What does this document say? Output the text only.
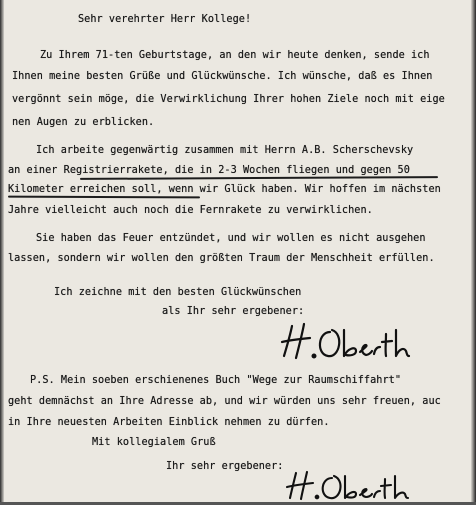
Sehr verehrter Herr Kollege!
Zu Ihrem 71-ten Geburtstage, an den wir heute denken, sende ich
Ihnen meine besten Grüße und Glückwünsche. Ich wünsche, daß es Ihnen
vergönnt sein möge, die Verwirklichung Ihrer hohen Ziele noch mit eige
nen Augen zu erblicken.
Ich arbeite gegenwärtig zusammen mit Herrn A.B. Scherschevsky
an einer Registrierrakete, die in 2-3 Wochen fliegen und gegen 50
Kilometer erreichen soll, wenn wir Glück haben. Wir hoffen im nächsten
Jahre vielleicht auch noch die Fernrakete zu verwirklichen.
Sie haben das Feuer entzündet, und wir wollen es nicht ausgehen
lassen, sondern wir wollen den größten Traum der Menschheit erfüllen.
Ich zeichne mit den besten Glückwünschen
als Ihr sehr ergebener:
P.S. Mein soeben erschienenes Buch "Wege zur Raumschiffahrt"
geht demnächst an Ihre Adresse ab, und wir würden uns sehr freuen, auc
in Ihre neuesten Arbeiten Einblick nehmen zu dürfen.
Mit kollegialem Gruß
Ihr sehr ergebener:
